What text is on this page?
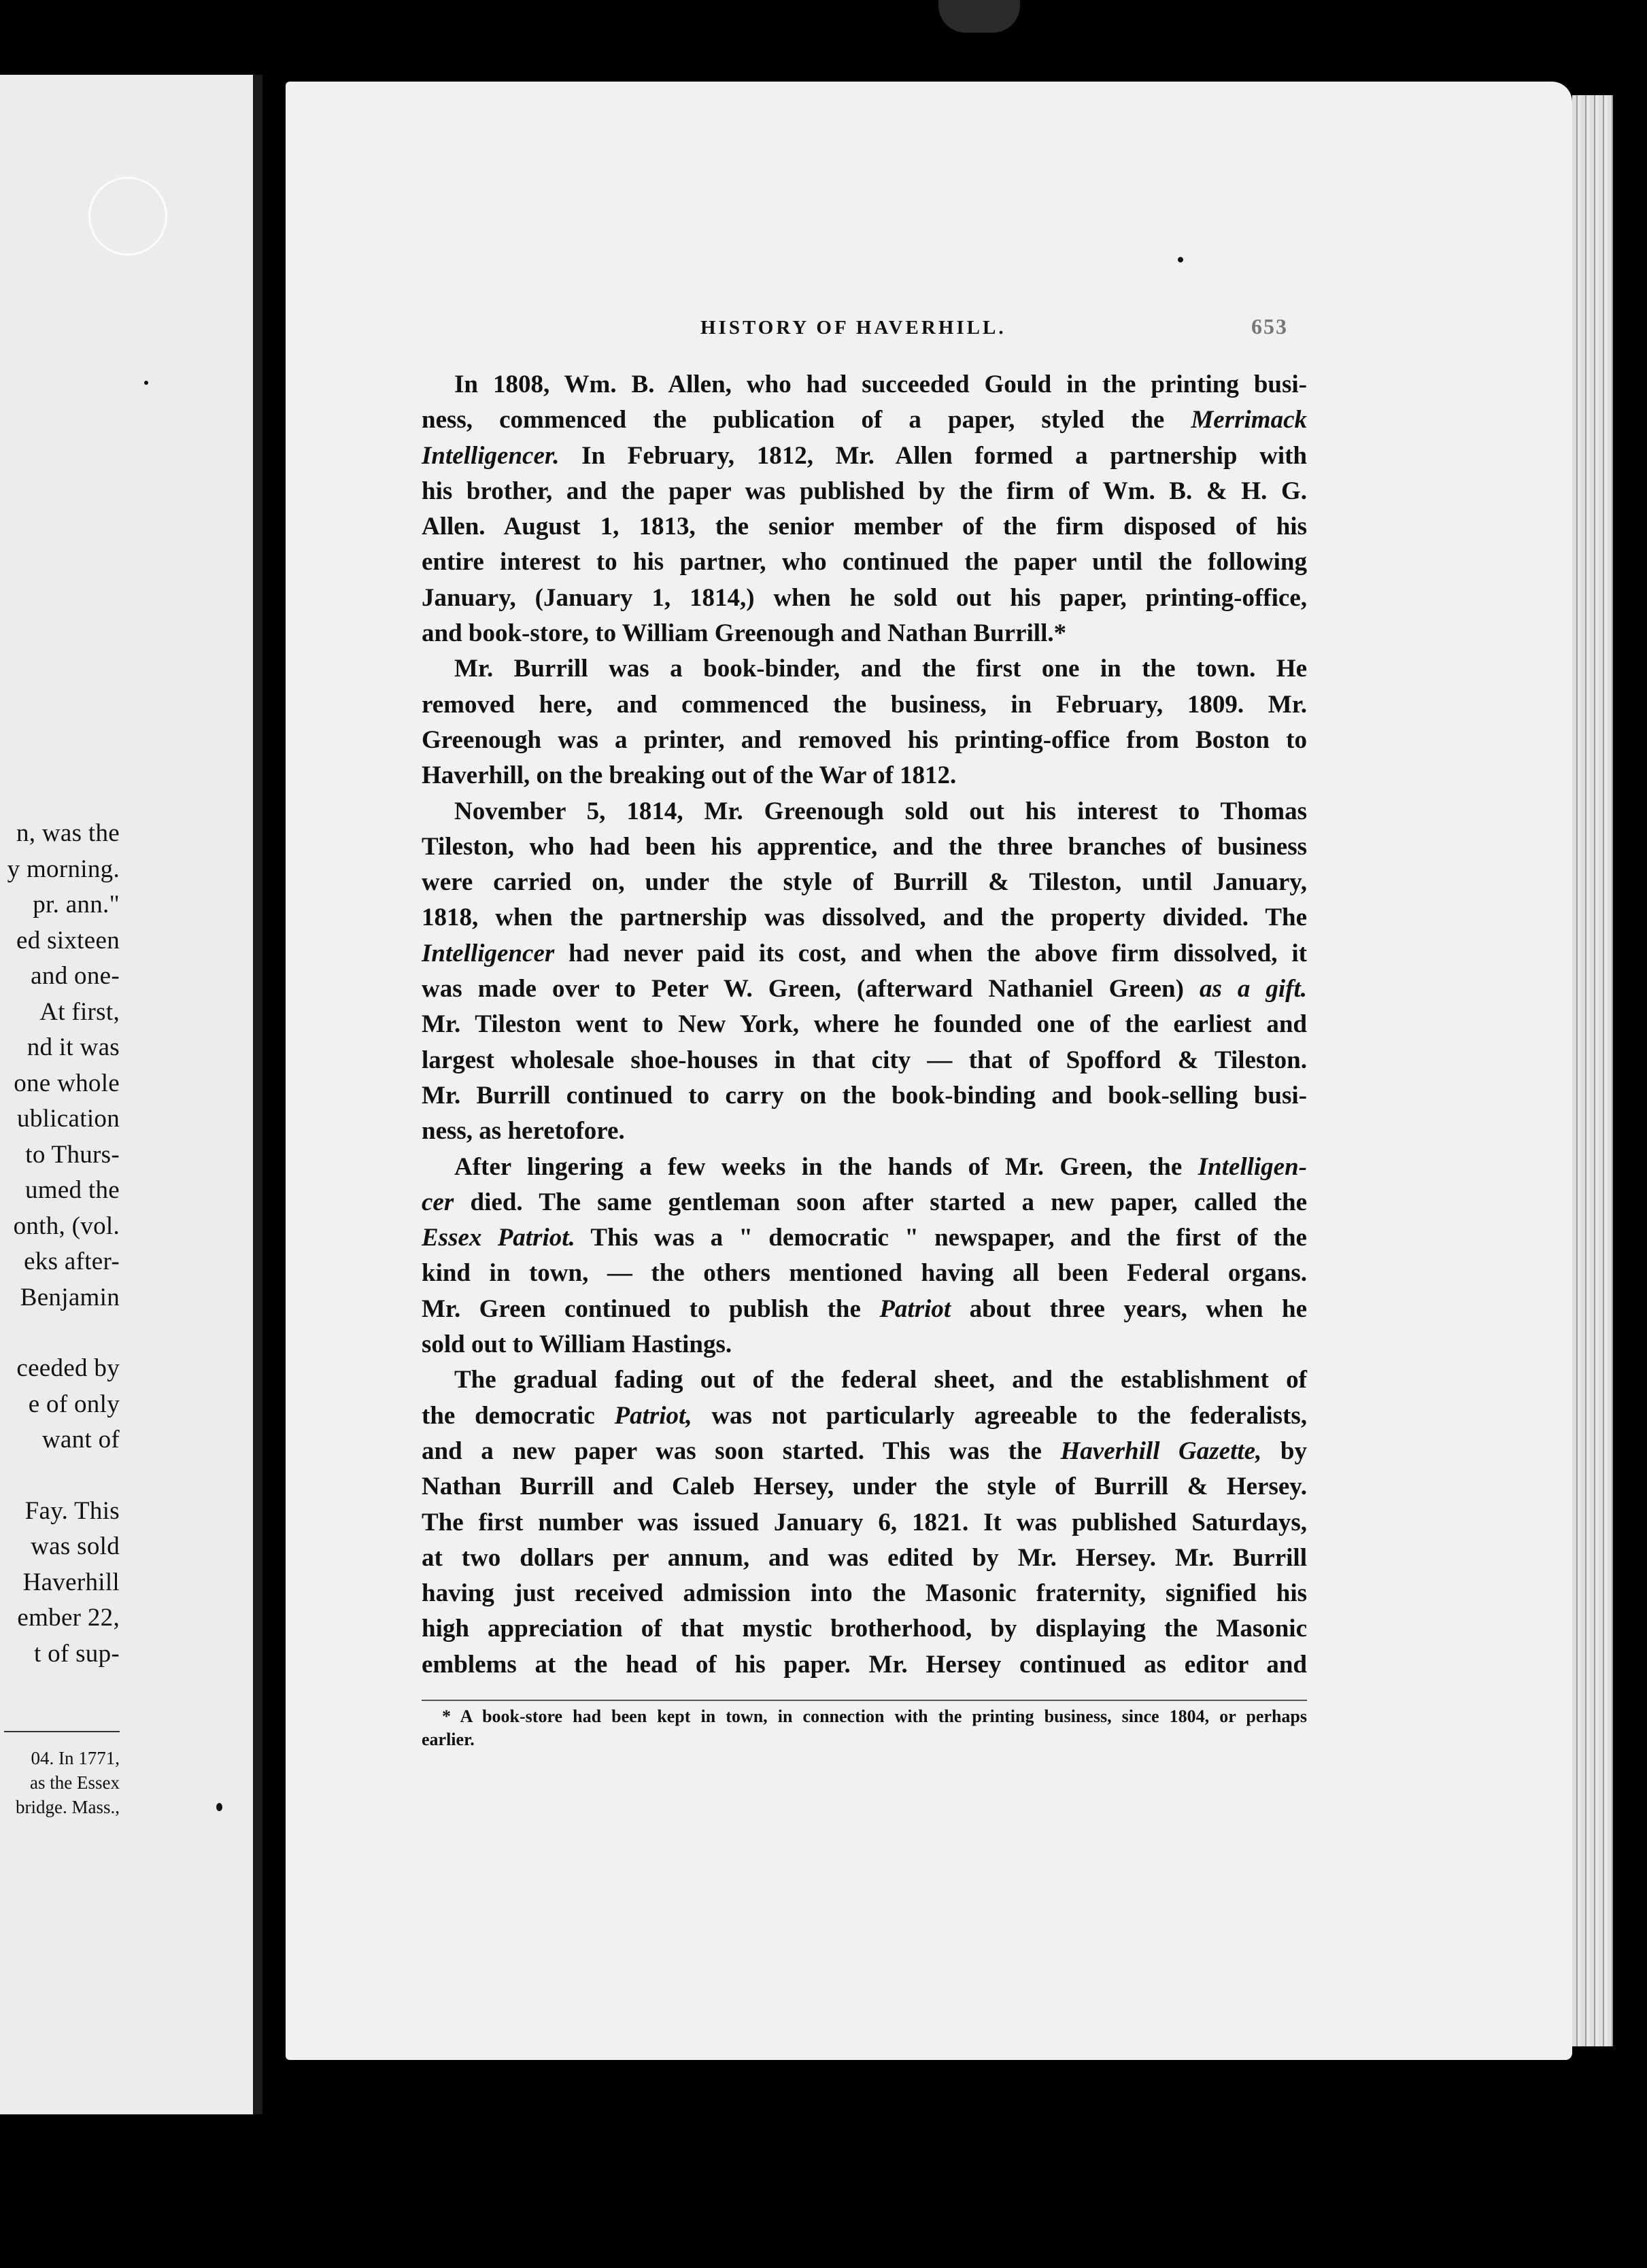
n, was the
y morning.
pr. ann."
ed sixteen
and one-
At first,
nd it was
one whole
ublication
to Thurs-
umed the
onth, (vol.
eks after-
Benjamin
ceeded by
e of only
want of
Fay. This
was sold
Haverhill
ember 22,
t of sup-
04. In 1771,
as the Essex
bridge. Mass.,
HISTORY OF HAVERHILL.	653
In 1808, Wm. B. Allen, who had succeeded Gould in the printing busi-
ness, commenced the publication of a paper, styled the Merrimack
Intelligencer. In February, 1812, Mr. Allen formed a partnership with
his brother, and the paper was published by the firm of Wm. B. & H. G.
Allen. August 1, 1813, the senior member of the firm disposed of his
entire interest to his partner, who continued the paper until the following
January, (January 1, 1814,) when he sold out his paper, printing-office,
and book-store, to William Greenough and Nathan Burrill.*
Mr. Burrill was a book-binder, and the first one in the town. He
removed here, and commenced the business, in February, 1809. Mr.
Greenough was a printer, and removed his printing-office from Boston to
Haverhill, on the breaking out of the War of 1812.
November 5, 1814, Mr. Greenough sold out his interest to Thomas
Tileston, who had been his apprentice, and the three branches of business
were carried on, under the style of Burrill & Tileston, until January,
1818, when the partnership was dissolved, and the property divided. The
Intelligencer had never paid its cost, and when the above firm dissolved, it
was made over to Peter W. Green, (afterward Nathaniel Green) as a gift.
Mr. Tileston went to New York, where he founded one of the earliest and
largest wholesale shoe-houses in that city — that of Spofford & Tileston.
Mr. Burrill continued to carry on the book-binding and book-selling busi-
ness, as heretofore.
After lingering a few weeks in the hands of Mr. Green, the Intelligen-
cer died. The same gentleman soon after started a new paper, called the
Essex Patriot. This was a " democratic " newspaper, and the first of the
kind in town, — the others mentioned having all been Federal organs.
Mr. Green continued to publish the Patriot about three years, when he
sold out to William Hastings.
The gradual fading out of the federal sheet, and the establishment of
the democratic Patriot, was not particularly agreeable to the federalists,
and a new paper was soon started. This was the Haverhill Gazette, by
Nathan Burrill and Caleb Hersey, under the style of Burrill & Hersey.
The first number was issued January 6, 1821. It was published Saturdays,
at two dollars per annum, and was edited by Mr. Hersey. Mr. Burrill
having just received admission into the Masonic fraternity, signified his
high appreciation of that mystic brotherhood, by displaying the Masonic
emblems at the head of his paper. Mr. Hersey continued as editor and
* A book-store had been kept in town, in connection with the printing business, since 1804, or perhaps
earlier.
